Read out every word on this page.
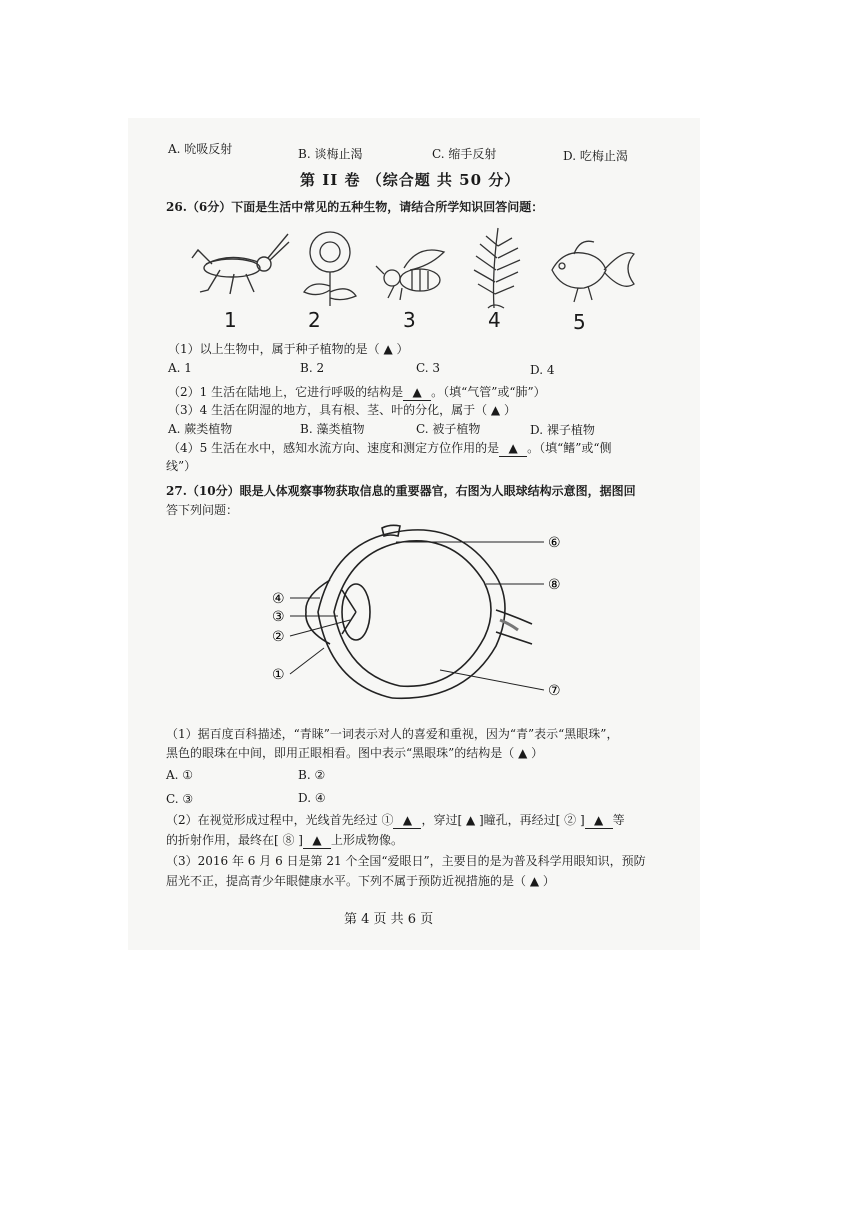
A. 吮吸反射	B. 谈梅止渴	C. 缩手反射	D. 吃梅止渴
第 II 卷 （综合题 共 50 分）
26.（6分）下面是生活中常见的五种生物，请结合所学知识回答问题：
1	2	3	4	5
（1）以上生物中，属于种子植物的是（ ▲ ）
A. 1	B. 2	C. 3	D. 4
（2）1 生活在陆地上，它进行呼吸的结构是 ▲ 。（填“气管”或“肺”）
（3）4 生活在阴湿的地方，具有根、茎、叶的分化，属于（ ▲ ）
A. 蕨类植物	B. 藻类植物	C. 被子植物	D. 裸子植物
（4）5 生活在水中，感知水流方向、速度和测定方位作用的是 ▲ 。（填“鳍”或“侧
线”）
27.（10分）眼是人体观察事物获取信息的重要器官，右图为人眼球结构示意图，据图回
答下列问题：
④
③
②
①
⑥
⑧
⑦
（1）据百度百科描述，“青睐”一词表示对人的喜爱和重视，因为“青”表示“黑眼珠”，
黑色的眼珠在中间，即用正眼相看。图中表示“黑眼珠”的结构是（ ▲ ）
A. ①	B. ②
C. ③	D. ④
（2）在视觉形成过程中，光线首先经过 ① ▲ ，穿过[ ▲ ]瞳孔，再经过[ ② ] ▲ 等
的折射作用，最终在[ ⑧ ] ▲ 上形成物像。
（3）2016 年 6 月 6 日是第 21 个全国“爱眼日”，主要目的是为普及科学用眼知识，预防
屈光不正，提高青少年眼健康水平。下列不属于预防近视措施的是（ ▲ ）
第 4 页 共 6 页
